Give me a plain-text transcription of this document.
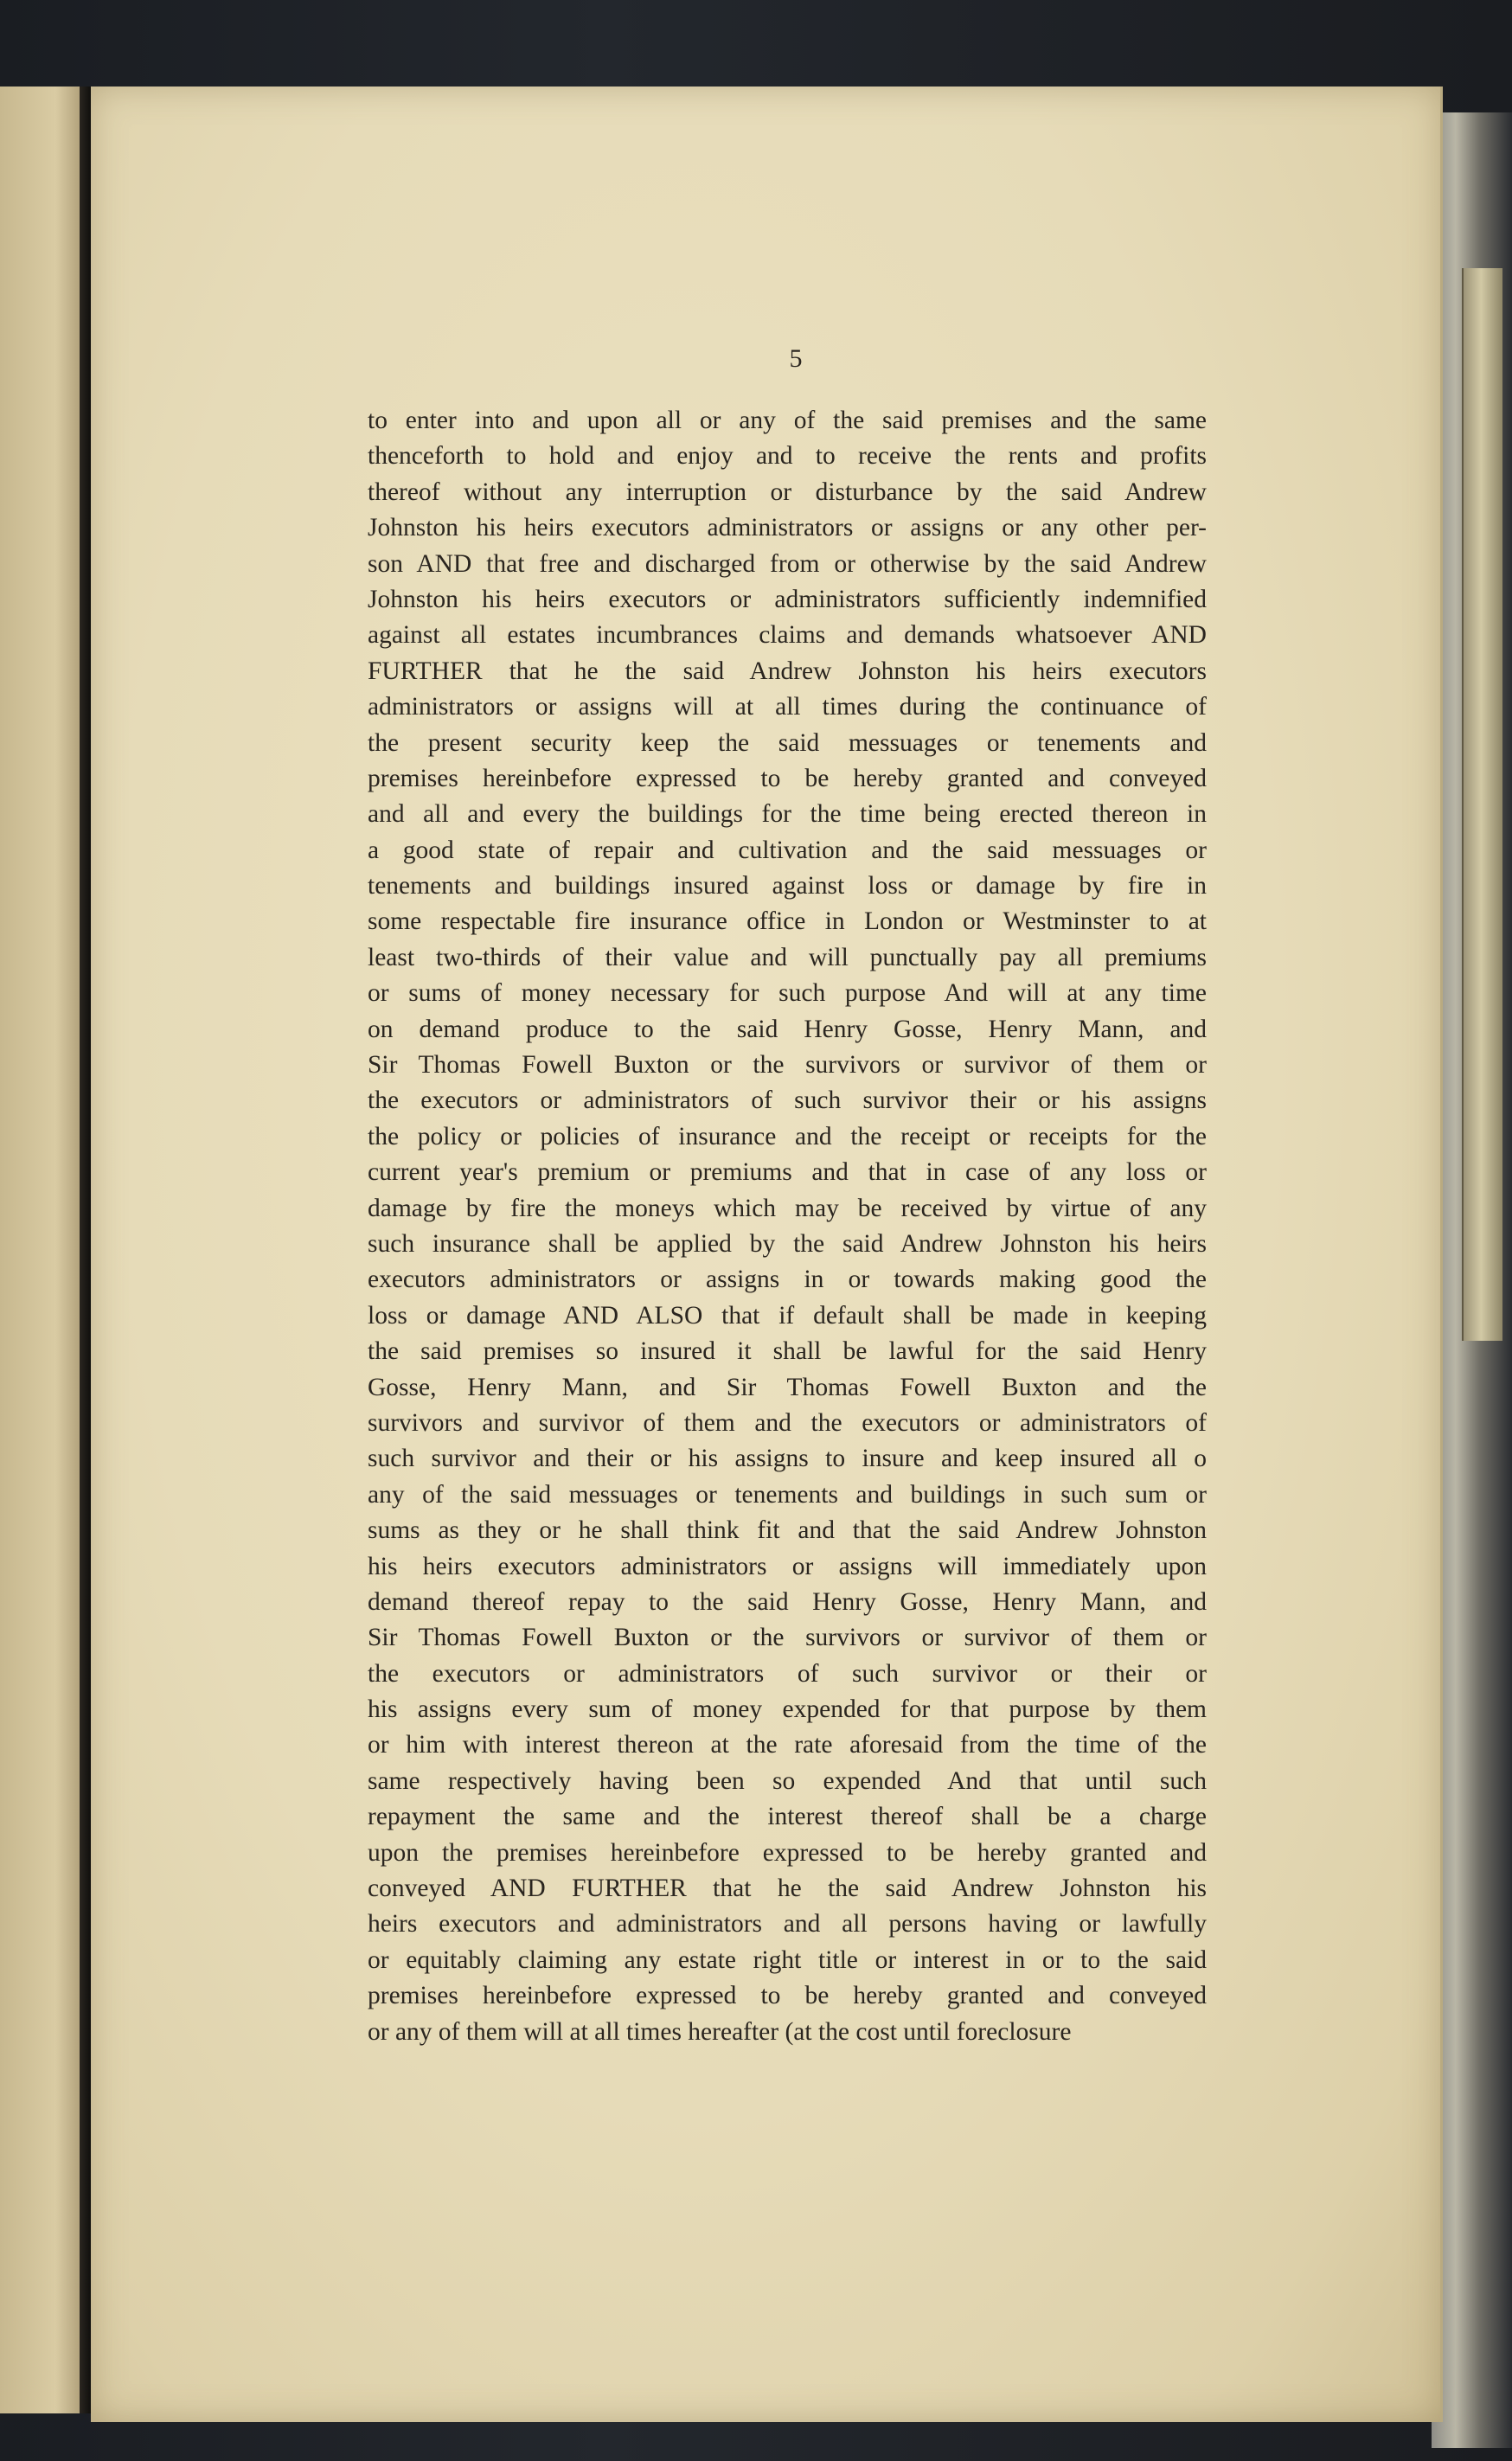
5
to enter into and upon all or any of the said premises and the same
thenceforth to hold and enjoy and to receive the rents and profits
thereof without any interruption or disturbance by the said Andrew
Johnston his heirs executors administrators or assigns or any other per-
son AND that free and discharged from or otherwise by the said Andrew
Johnston his heirs executors or administrators sufficiently indemnified
against all estates incumbrances claims and demands whatsoever AND
FURTHER that he the said Andrew Johnston his heirs executors
administrators or assigns will at all times during the continuance of
the present security keep the said messuages or tenements and
premises hereinbefore expressed to be hereby granted and conveyed
and all and every the buildings for the time being erected thereon in
a good state of repair and cultivation and the said messuages or
tenements and buildings insured against loss or damage by fire in
some respectable fire insurance office in London or Westminster to at
least two-thirds of their value and will punctually pay all premiums
or sums of money necessary for such purpose And will at any time
on demand produce to the said Henry Gosse, Henry Mann, and
Sir Thomas Fowell Buxton or the survivors or survivor of them or
the executors or administrators of such survivor their or his assigns
the policy or policies of insurance and the receipt or receipts for the
current year's premium or premiums and that in case of any loss or
damage by fire the moneys which may be received by virtue of any
such insurance shall be applied by the said Andrew Johnston his heirs
executors administrators or assigns in or towards making good the
loss or damage AND ALSO that if default shall be made in keeping
the said premises so insured it shall be lawful for the said Henry
Gosse, Henry Mann, and Sir Thomas Fowell Buxton and the
survivors and survivor of them and the executors or administrators of
such survivor and their or his assigns to insure and keep insured all o
any of the said messuages or tenements and buildings in such sum or
sums as they or he shall think fit and that the said Andrew Johnston
his heirs executors administrators or assigns will immediately upon
demand thereof repay to the said Henry Gosse, Henry Mann, and
Sir Thomas Fowell Buxton or the survivors or survivor of them or
the executors or administrators of such survivor or their or
his assigns every sum of money expended for that purpose by them
or him with interest thereon at the rate aforesaid from the time of the
same respectively having been so expended And that until such
repayment the same and the interest thereof shall be a charge
upon the premises hereinbefore expressed to be hereby granted and
conveyed AND FURTHER that he the said Andrew Johnston his
heirs executors and administrators and all persons having or lawfully
or equitably claiming any estate right title or interest in or to the said
premises hereinbefore expressed to be hereby granted and conveyed
or any of them will at all times hereafter (at the cost until foreclosure
